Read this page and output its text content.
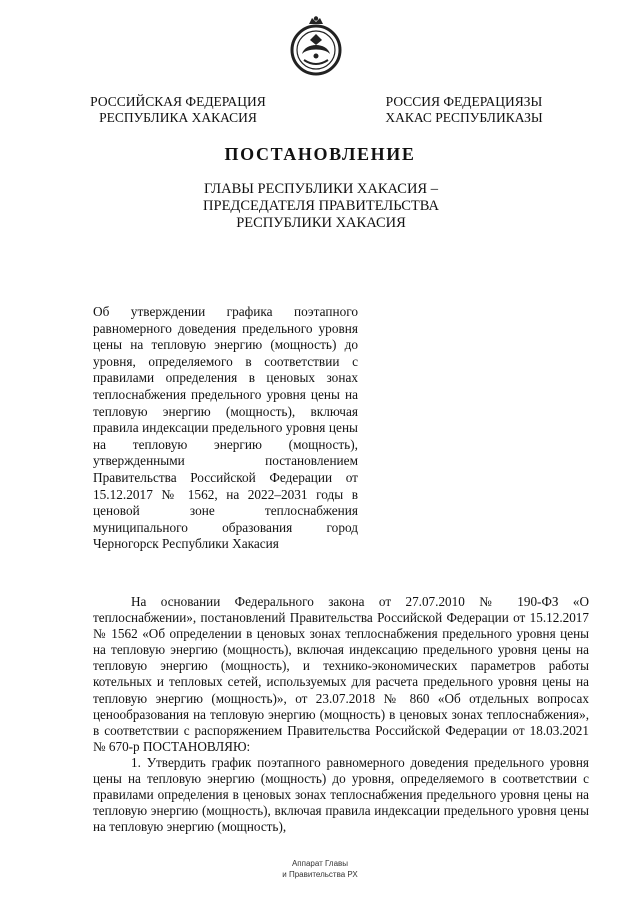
РОССИЙСКАЯ ФЕДЕРАЦИЯ
РЕСПУБЛИКА ХАКАСИЯ
РОССИЯ ФЕДЕРАЦИЯЗЫ
ХАКАС РЕСПУБЛИКАЗЫ
ПОСТАНОВЛЕНИЕ
ГЛАВЫ РЕСПУБЛИКИ ХАКАСИЯ –
ПРЕДСЕДАТЕЛЯ ПРАВИТЕЛЬСТВА
РЕСПУБЛИКИ ХАКАСИЯ
Об утверждении графика поэтапного равномерного доведения предельного уровня цены на тепловую энергию (мощность) до уровня, определяемого в соответствии с правилами определения в ценовых зонах теплоснабжения предельного уровня цены на тепловую энергию (мощность), включая правила индексации предельного уровня цены на тепловую энергию (мощность), утвержденными постановлением Правительства Российской Федерации от 15.12.2017 № 1562, на 2022–2031 годы в ценовой зоне теплоснабжения муниципального образования город Черногорск Республики Хакасия

На основании Федерального закона от 27.07.2010 № 190-ФЗ «О теплоснабжении», постановлений Правительства Российской Федерации от 15.12.2017 № 1562 «Об определении в ценовых зонах теплоснабжения предельного уровня цены на тепловую энергию (мощность), включая индексацию предельного уровня цены на тепловую энергию (мощность), и технико-экономических параметров работы котельных и тепловых сетей, используемых для расчета предельного уровня цены на тепловую энергию (мощность)», от 23.07.2018 № 860 «Об отдельных вопросах ценообразования на тепловую энергию (мощность) в ценовых зонах теплоснабжения», в соответствии с распоряжением Правительства Российской Федерации от 18.03.2021 № 670-р ПОСТАНОВЛЯЮ:

1. Утвердить график поэтапного равномерного доведения предельного уровня цены на тепловую энергию (мощность) до уровня, определяемого в соответствии с правилами определения в ценовых зонах теплоснабжения предельного уровня цены на тепловую энергию (мощность), включая правила индексации предельного уровня цены на тепловую энергию (мощность),

Аппарат Главы
и Правительства РХ
